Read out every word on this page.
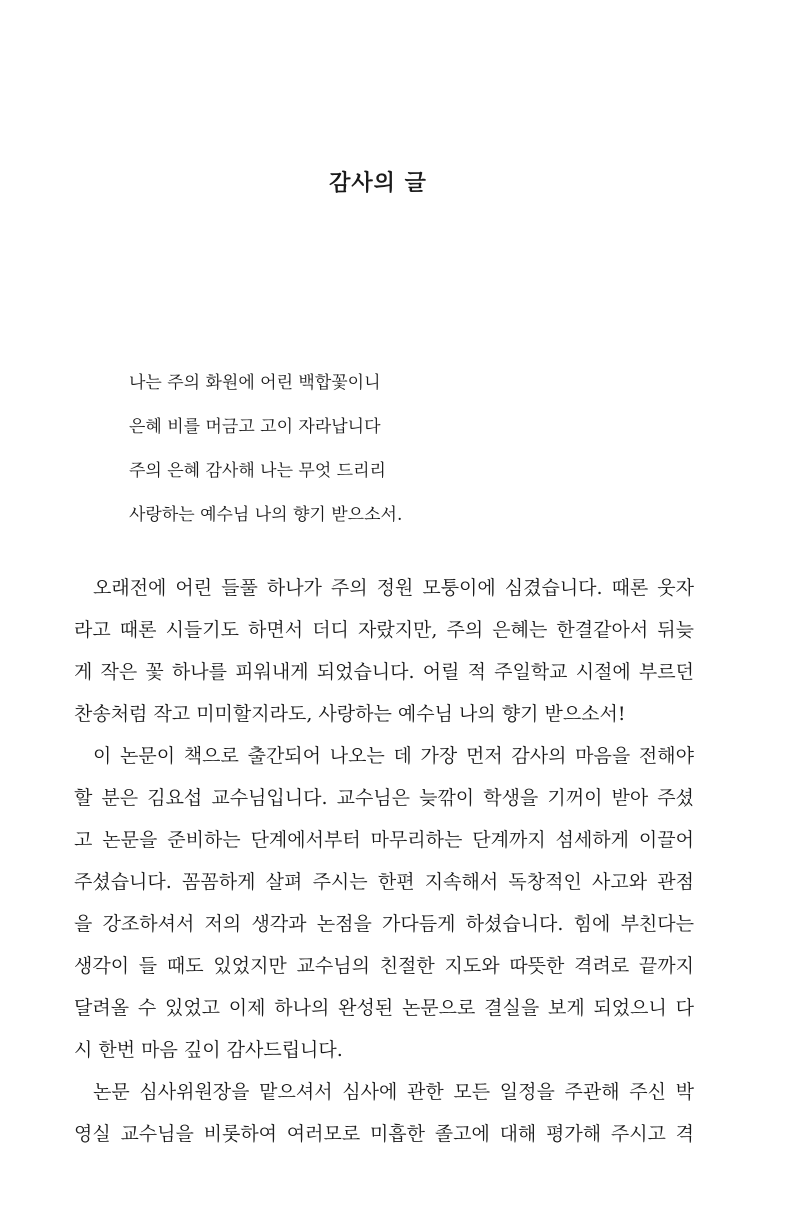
감사의 글
나는 주의 화원에 어린 백합꽃이니
은혜 비를 머금고 고이 자라납니다
주의 은혜 감사해 나는 무엇 드리리
사랑하는 예수님 나의 향기 받으소서.
오래전에 어린 들풀 하나가 주의 정원 모퉁이에 심겼습니다. 때론 웃자
라고 때론 시들기도 하면서 더디 자랐지만, 주의 은혜는 한결같아서 뒤늦
게 작은 꽃 하나를 피워내게 되었습니다. 어릴 적 주일학교 시절에 부르던
찬송처럼 작고 미미할지라도, 사랑하는 예수님 나의 향기 받으소서!
이 논문이 책으로 출간되어 나오는 데 가장 먼저 감사의 마음을 전해야
할 분은 김요섭 교수님입니다. 교수님은 늦깎이 학생을 기꺼이 받아 주셨
고 논문을 준비하는 단계에서부터 마무리하는 단계까지 섬세하게 이끌어
주셨습니다. 꼼꼼하게 살펴 주시는 한편 지속해서 독창적인 사고와 관점
을 강조하셔서 저의 생각과 논점을 가다듬게 하셨습니다. 힘에 부친다는
생각이 들 때도 있었지만 교수님의 친절한 지도와 따뜻한 격려로 끝까지
달려올 수 있었고 이제 하나의 완성된 논문으로 결실을 보게 되었으니 다
시 한번 마음 깊이 감사드립니다.
논문 심사위원장을 맡으셔서 심사에 관한 모든 일정을 주관해 주신 박
영실 교수님을 비롯하여 여러모로 미흡한 졸고에 대해 평가해 주시고 격
